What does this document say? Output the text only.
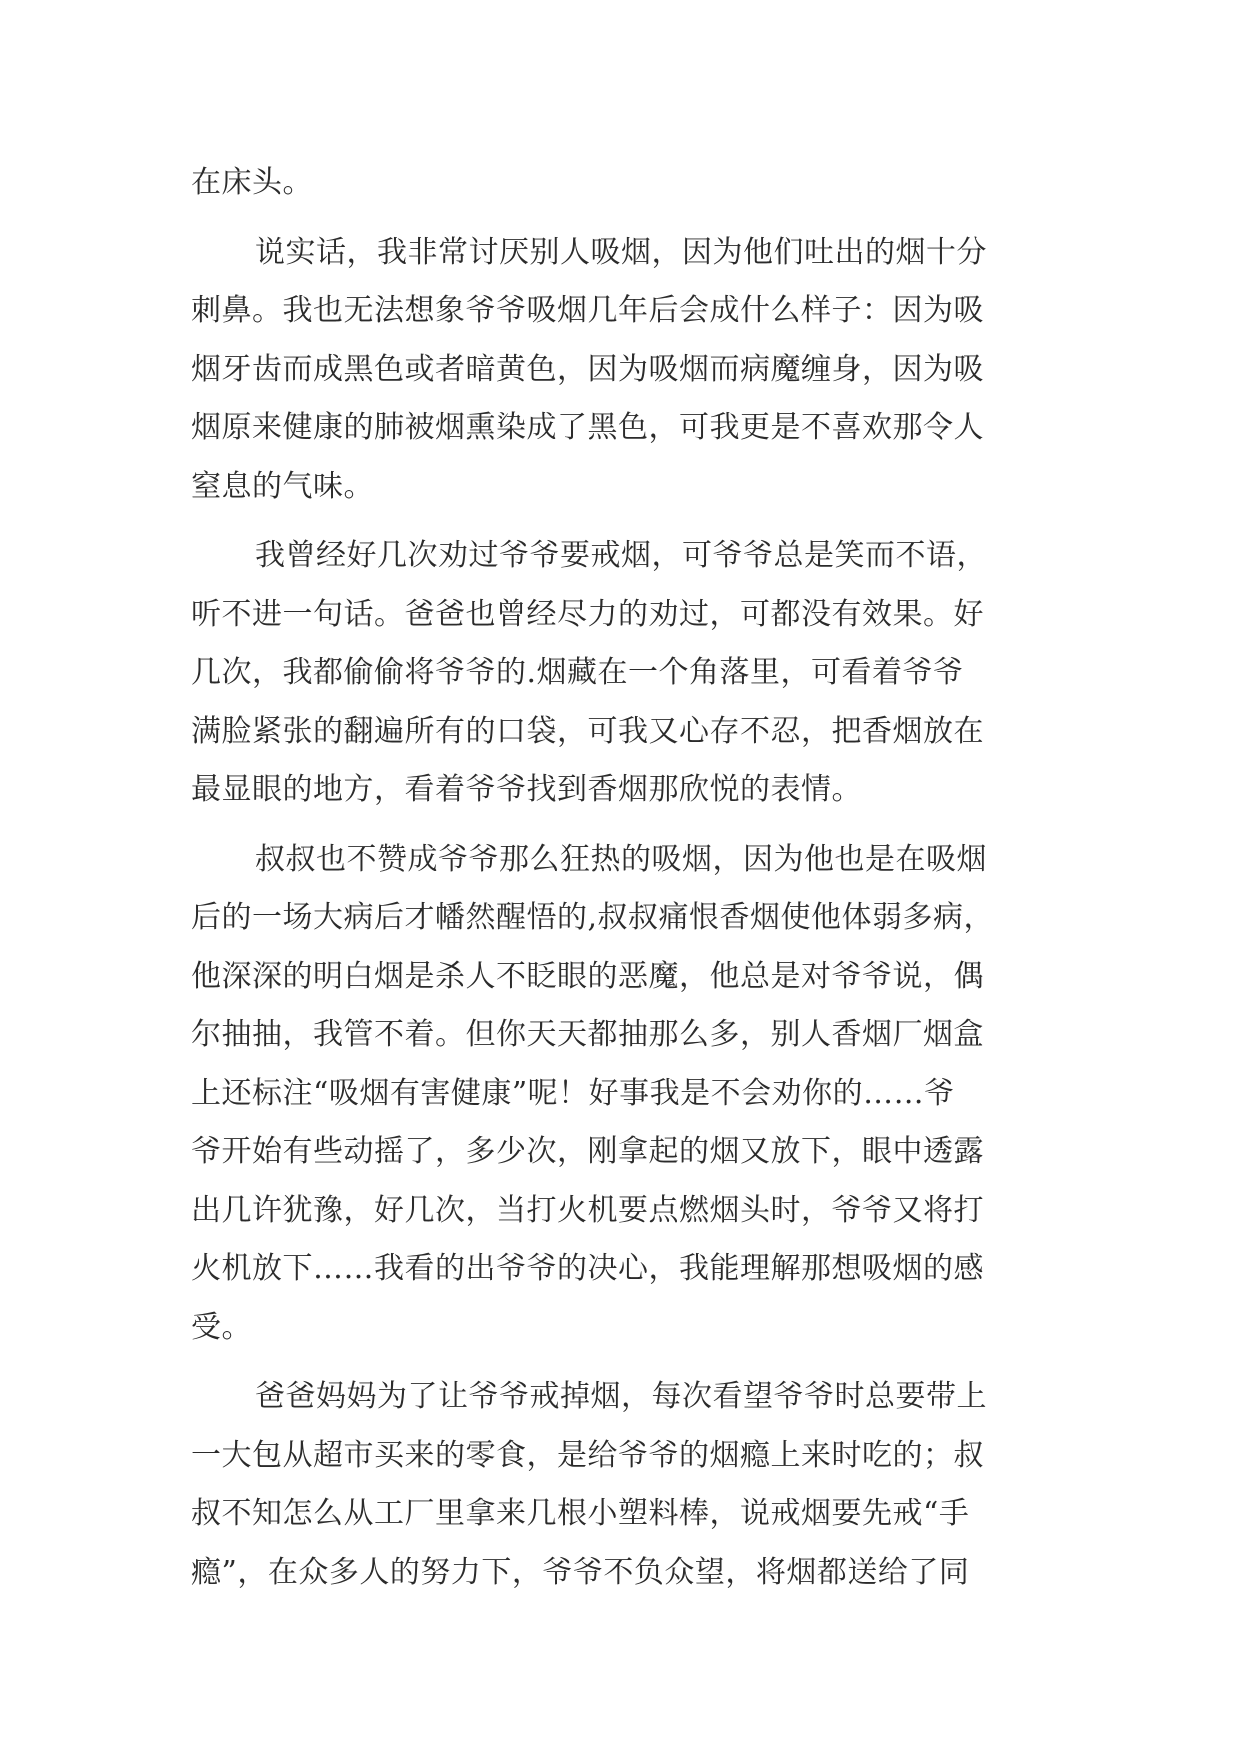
在床头。
说实话，我非常讨厌别人吸烟，因为他们吐出的烟十分
刺鼻。我也无法想象爷爷吸烟几年后会成什么样子：因为吸
烟牙齿而成黑色或者暗黄色，因为吸烟而病魔缠身，因为吸
烟原来健康的肺被烟熏染成了黑色，可我更是不喜欢那令人
窒息的气味。
我曾经好几次劝过爷爷要戒烟，可爷爷总是笑而不语，
听不进一句话。爸爸也曾经尽力的劝过，可都没有效果。好
几次，我都偷偷将爷爷的.烟藏在一个角落里，可看着爷爷
满脸紧张的翻遍所有的口袋，可我又心存不忍，把香烟放在
最显眼的地方，看着爷爷找到香烟那欣悦的表情。
叔叔也不赞成爷爷那么狂热的吸烟，因为他也是在吸烟
后的一场大病后才幡然醒悟的,叔叔痛恨香烟使他体弱多病，
他深深的明白烟是杀人不眨眼的恶魔，他总是对爷爷说，偶
尔抽抽，我管不着。但你天天都抽那么多，别人香烟厂烟盒
上还标注“吸烟有害健康”呢！好事我是不会劝你的……爷
爷开始有些动摇了，多少次，刚拿起的烟又放下，眼中透露
出几许犹豫，好几次，当打火机要点燃烟头时，爷爷又将打
火机放下……我看的出爷爷的决心，我能理解那想吸烟的感
受。
爸爸妈妈为了让爷爷戒掉烟，每次看望爷爷时总要带上
一大包从超市买来的零食，是给爷爷的烟瘾上来时吃的；叔
叔不知怎么从工厂里拿来几根小塑料棒，说戒烟要先戒“手
瘾”，在众多人的努力下，爷爷不负众望，将烟都送给了同
